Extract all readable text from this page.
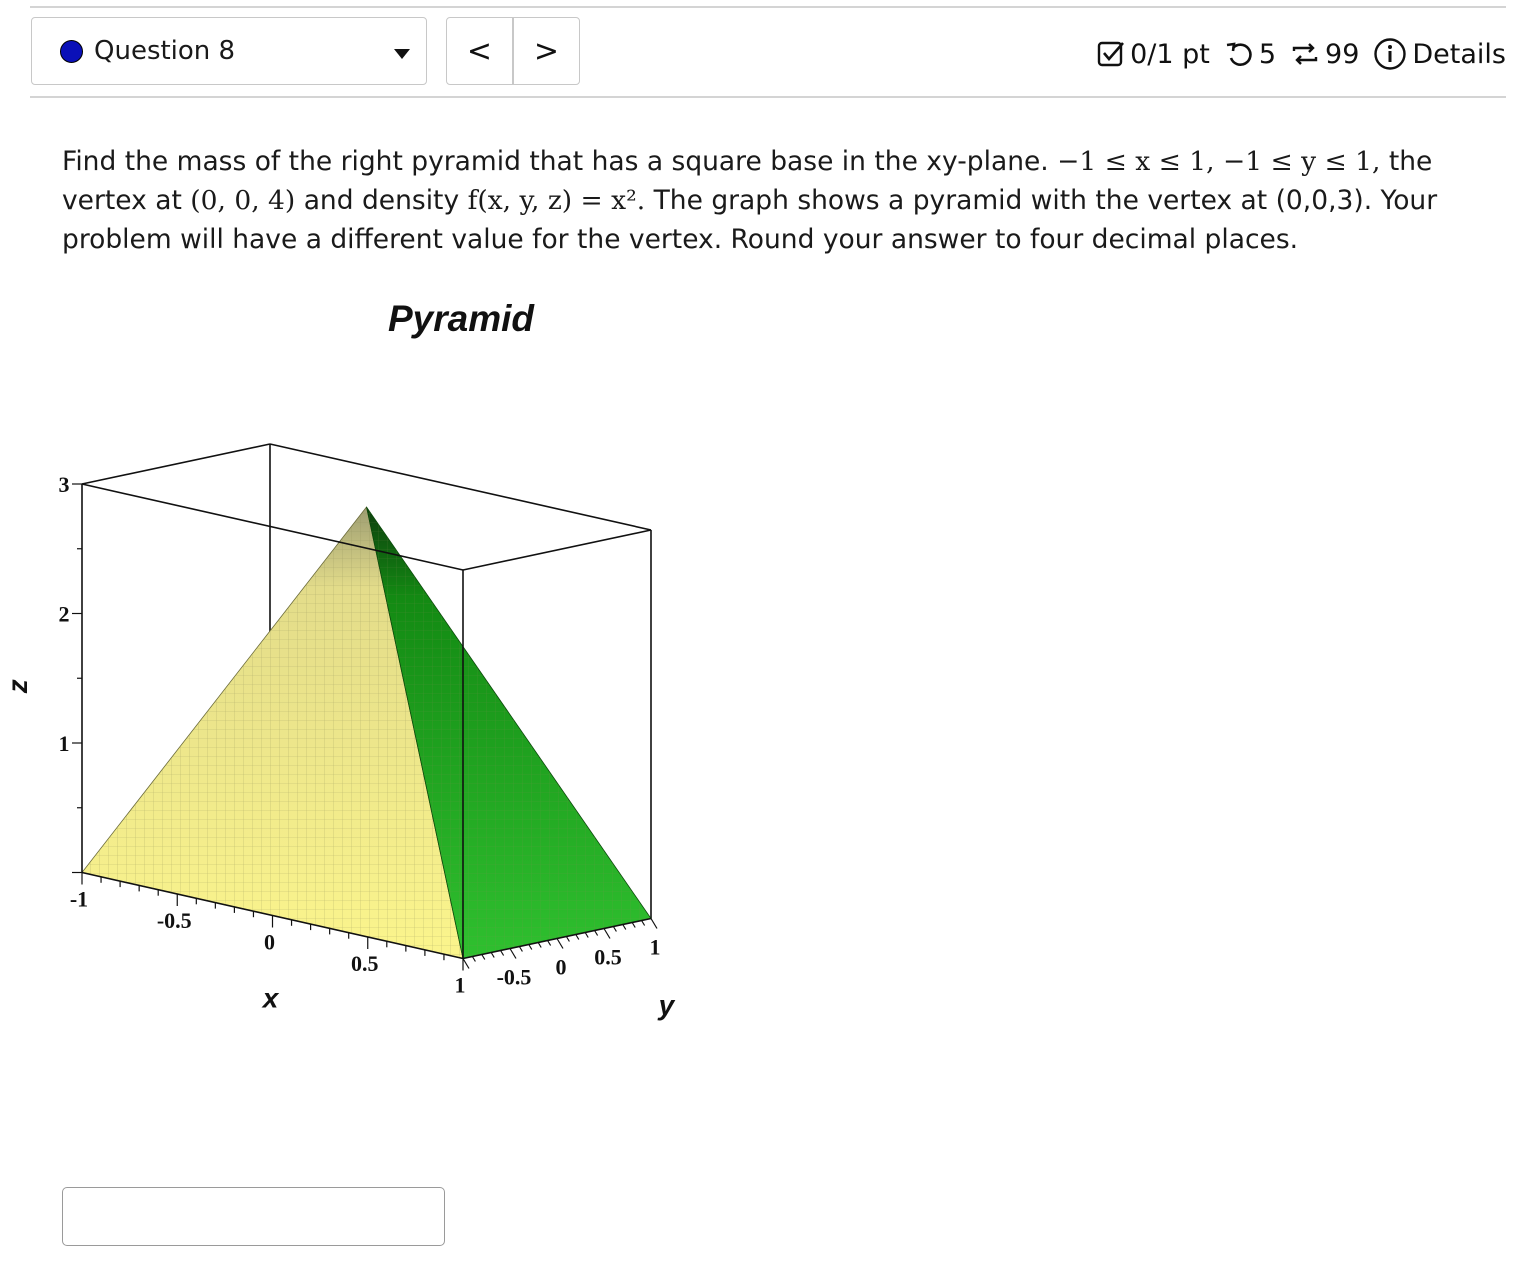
Question 8	<	>	0/1 pt 5 99 Details
Find the mass of the right pyramid that has a square base in the xy-plane. −1 ≤ x ≤ 1, −1 ≤ y ≤ 1, the vertex at (0, 0, 4) and density f(x, y, z) = x². The graph shows a pyramid with the vertex at (0,0,3). Your problem will have a different value for the vertex. Round your answer to four decimal places.
Pyramid
-1
-0.5
0
0.5
1 -0.5 0 0.5 1
1
2
3
x	y
z
